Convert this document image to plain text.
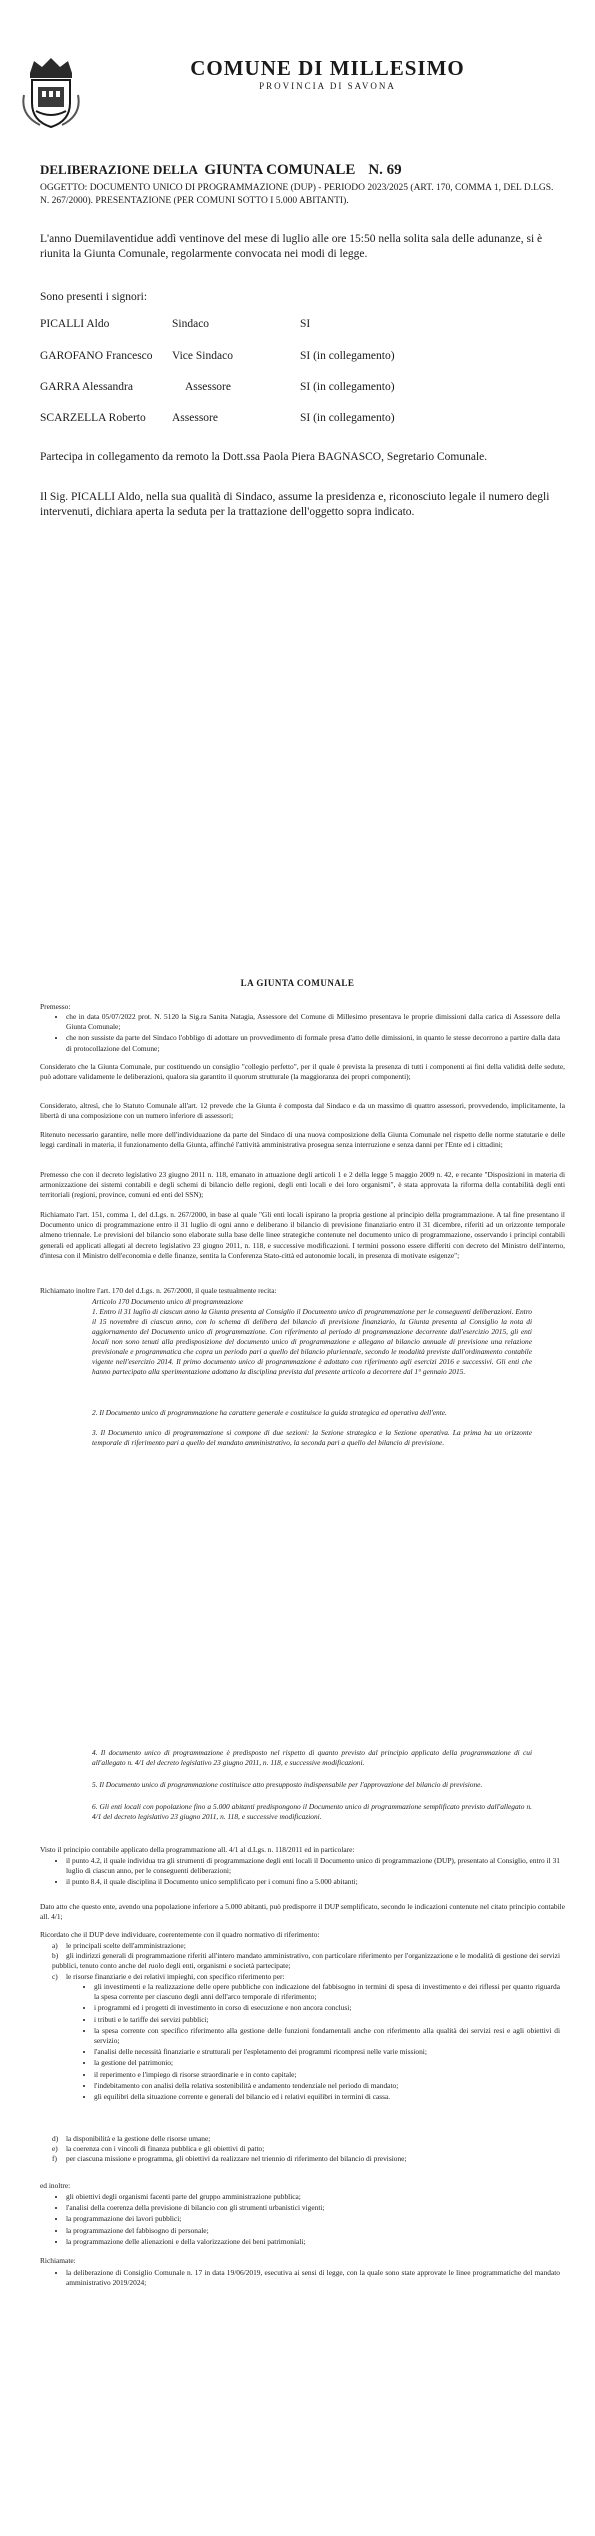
COMUNE DI MILLESIMO
PROVINCIA DI SAVONA
DELIBERAZIONE DELLA GIUNTA COMUNALE N. 69
OGGETTO: DOCUMENTO UNICO DI PROGRAMMAZIONE (DUP) - PERIODO 2023/2025 (ART. 170, COMMA 1, DEL D.LGS. N. 267/2000). PRESENTAZIONE (PER COMUNI SOTTO I 5.000 ABITANTI).
L'anno Duemilaventidue addì ventinove del mese di luglio alle ore 15:50 nella solita sala delle adunanze, si è riunita la Giunta Comunale, regolarmente convocata nei modi di legge.
Sono presenti i signori:
PICALLI Aldo	Sindaco	SI
GAROFANO Francesco Vice Sindaco	SI (in collegamento)
GARRA Alessandra	Assessore	SI (in collegamento)
SCARZELLA Roberto Assessore	SI (in collegamento)
Partecipa in collegamento da remoto la Dott.ssa Paola Piera BAGNASCO, Segretario Comunale.
Il Sig. PICALLI Aldo, nella sua qualità di Sindaco, assume la presidenza e, riconosciuto legale il numero degli intervenuti, dichiara aperta la seduta per la trattazione dell'oggetto sopra indicato.
LA GIUNTA COMUNALE
Premesso:
• che in data 05/07/2022 prot. N. 5120 la Sig.ra Sanita Natagia, Assessore del Comune di Millesimo presentava le proprie dimissioni dalla carica di Assessore della Giunta Comunale;
• che non sussiste da parte del Sindaco l'obbligo di adottare un provvedimento di formale presa d'atto delle dimissioni, in quanto le stesse decorrono a partire dalla data di protocollazione del Comune;
Considerato che la Giunta Comunale, pur costituendo un consiglio "collegio perfetto", per il quale è prevista la presenza di tutti i componenti ai fini della validità delle sedute, può adottare validamente le deliberazioni, qualora sia garantito il quorum strutturale (la maggioranza dei propri componenti);
Considerato, altresì, che lo Statuto Comunale all'art. 12 prevede che la Giunta è composta dal Sindaco e da un massimo di quattro assessori, provvedendo, implicitamente, la libertà di una composizione con un numero inferiore di assessori;
Ritenuto necessario garantire, nelle more dell'individuazione da parte del Sindaco di una nuova composizione della Giunta Comunale nel rispetto delle norme statutarie e delle leggi cardinali in materia, il funzionamento della Giunta, affinché l'attività amministrativa prosegua senza interruzione e senza danni per l'Ente ed i cittadini;
Premesso che con il decreto legislativo 23 giugno 2011 n. 118, emanato in attuazione degli articoli 1 e 2 della legge 5 maggio 2009 n. 42, e recante "Disposizioni in materia di armonizzazione dei sistemi contabili e degli schemi di bilancio delle regioni, degli enti locali e dei loro organismi", è stata approvata la riforma della contabilità degli enti territoriali (regioni, province, comuni ed enti del SSN);
Richiamato l'art. 151, comma 1, del d.Lgs. n. 267/2000, in base al quale "Gli enti locali ispirano la propria gestione al principio della programmazione. A tal fine presentano il Documento unico di programmazione entro il 31 luglio di ogni anno e deliberano il bilancio di previsione finanziario entro il 31 dicembre, riferiti ad un orizzonte temporale almeno triennale. Le previsioni del bilancio sono elaborate sulla base delle linee strategiche contenute nel documento unico di programmazione, osservando i principi contabili generali ed applicati allegati al decreto legislativo 23 giugno 2011, n. 118, e successive modificazioni. I termini possono essere differiti con decreto del Ministro dell'interno, d'intesa con il Ministro dell'economia e delle finanze, sentita la Conferenza Stato-città ed autonomie locali, in presenza di motivate esigenze";
Richiamato inoltre l'art. 170 del d.Lgs. n. 267/2000, il quale testualmente recita:
Articolo 170 Documento unico di programmazione
1. Entro il 31 luglio di ciascun anno la Giunta presenta al Consiglio il Documento unico di programmazione per le conseguenti deliberazioni. Entro il 15 novembre di ciascun anno, con lo schema di delibera del bilancio di previsione finanziario, la Giunta presenta al Consiglio la nota di aggiornamento del Documento unico di programmazione. Con riferimento al periodo di programmazione decorrente dall'esercizio 2015, gli enti locali non sono tenuti alla predisposizione del documento unico di programmazione e allegano al bilancio annuale di previsione una relazione previsionale e programmatica che copra un periodo pari a quello del bilancio pluriennale, secondo le modalità previste dall'ordinamento contabile vigente nell'esercizio 2014. Il primo documento unico di programmazione è adottato con riferimento agli esercizi 2016 e successivi. Gli enti che hanno partecipato alla sperimentazione adottano la disciplina prevista dal presente articolo a decorrere dal 1° gennaio 2015.
2. Il Documento unico di programmazione ha carattere generale e costituisce la guida strategica ed operativa dell'ente.
3. Il Documento unico di programmazione si compone di due sezioni: la Sezione strategica e la Sezione operativa. La prima ha un orizzonte temporale di riferimento pari a quello del mandato amministrativo, la seconda pari a quello del bilancio di previsione.
4. Il documento unico di programmazione è predisposto nel rispetto di quanto previsto dal principio applicato della programmazione di cui all'allegato n. 4/1 del decreto legislativo 23 giugno 2011, n. 118, e successive modificazioni.
5. Il Documento unico di programmazione costituisce atto presupposto indispensabile per l'approvazione del bilancio di previsione.
6. Gli enti locali con popolazione fino a 5.000 abitanti predispongono il Documento unico di programmazione semplificato previsto dall'allegato n. 4/1 del decreto legislativo 23 giugno 2011, n. 118, e successive modificazioni.
Visto il principio contabile applicato della programmazione all. 4/1 al d.Lgs. n. 118/2011 ed in particolare:
• il punto 4.2, il quale individua tra gli strumenti di programmazione degli enti locali il Documento unico di programmazione (DUP), presentato al Consiglio, entro il 31 luglio di ciascun anno, per le conseguenti deliberazioni;
• il punto 8.4, il quale disciplina il Documento unico semplificato per i comuni fino a 5.000 abitanti;
Dato atto che questo ente, avendo una popolazione inferiore a 5.000 abitanti, può predisporre il DUP semplificato, secondo le indicazioni contenute nel citato principio contabile all. 4/1;
Ricordato che il DUP deve individuare, coerentemente con il quadro normativo di riferimento:
a) le principali scelte dell'amministrazione;
b) gli indirizzi generali di programmazione riferiti all'intero mandato amministrativo, con particolare riferimento per l'organizzazione e le modalità di gestione dei servizi pubblici, tenuto conto anche del ruolo degli enti, organismi e società partecipate;
c) le risorse finanziarie e dei relativi impieghi, con specifico riferimento per:
• gli investimenti e la realizzazione delle opere pubbliche con indicazione del fabbisogno in termini di spesa di investimento e dei riflessi per quanto riguarda la spesa corrente per ciascuno degli anni dell'arco temporale di riferimento;
• i programmi ed i progetti di investimento in corso di esecuzione e non ancora conclusi;
• i tributi e le tariffe dei servizi pubblici;
• la spesa corrente con specifico riferimento alla gestione delle funzioni fondamentali anche con riferimento alla qualità dei servizi resi e agli obiettivi di servizio;
• l'analisi delle necessità finanziarie e strutturali per l'espletamento dei programmi ricompresi nelle varie missioni;
• la gestione del patrimonio;
• il reperimento e l'impiego di risorse straordinarie e in conto capitale;
• l'indebitamento con analisi della relativa sostenibilità e andamento tendenziale nel periodo di mandato;
• gli equilibri della situazione corrente e generali del bilancio ed i relativi equilibri in termini di cassa.
d) la disponibilità e la gestione delle risorse umane;
e) la coerenza con i vincoli di finanza pubblica e gli obiettivi di patto;
f) per ciascuna missione e programma, gli obiettivi da realizzare nel triennio di riferimento del bilancio di previsione;
ed inoltre:
• gli obiettivi degli organismi facenti parte del gruppo amministrazione pubblica;
• l'analisi della coerenza della previsione di bilancio con gli strumenti urbanistici vigenti;
• la programmazione dei lavori pubblici;
• la programmazione del fabbisogno di personale;
• la programmazione delle alienazioni e della valorizzazione dei beni patrimoniali;
Richiamate:
• la deliberazione di Consiglio Comunale n. 17 in data 19/06/2019, esecutiva ai sensi di legge, con la quale sono state approvate le linee programmatiche del mandato amministrativo 2019/2024;
